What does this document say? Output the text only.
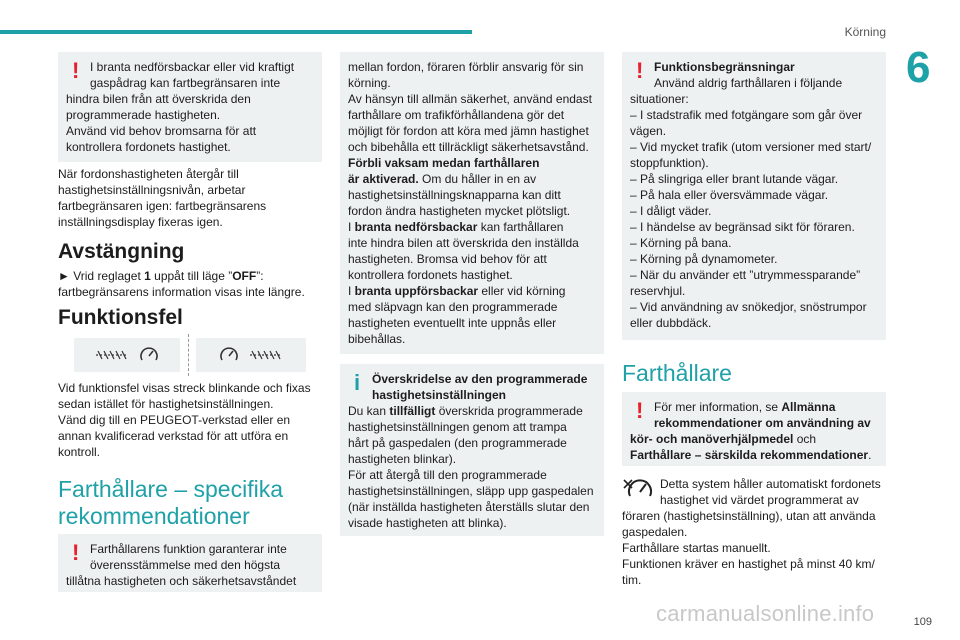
Körning
6
! I branta nedförsbackar eller vid kraftigt
gaspådrag kan fartbegränsaren inte
hindra bilen från att överskrida den
programmerade hastigheten.
Använd vid behov bromsarna för att
kontrollera fordonets hastighet.
När fordonshastigheten återgår till
hastighetsinställningsnivån, arbetar
fartbegränsaren igen: fartbegränsarens
inställningsdisplay fixeras igen.
Avstängning
► Vrid reglaget 1 uppåt till läge ”OFF”:
fartbegränsarens information visas inte längre.
Funktionsfel
Vid funktionsfel visas streck blinkande och fixas
sedan istället för hastighetsinställningen.
Vänd dig till en PEUGEOT-verkstad eller en
annan kvalificerad verkstad för att utföra en
kontroll.
Farthållare – specifika
rekommendationer
! Farthållarens funktion garanterar inte
överensstämmelse med den högsta
tillåtna hastigheten och säkerhetsavståndet
mellan fordon, föraren förblir ansvarig för sin
körning.
Av hänsyn till allmän säkerhet, använd endast
farthållare om trafikförhållandena gör det
möjligt för fordon att köra med jämn hastighet
och bibehålla ett tillräckligt säkerhetsavstånd.
Förbli vaksam medan farthållaren
är aktiverad. Om du håller in en av
hastighetsinställningsknapparna kan ditt
fordon ändra hastigheten mycket plötsligt.
I branta nedförsbackar kan farthållaren
inte hindra bilen att överskrida den inställda
hastigheten. Bromsa vid behov för att
kontrollera fordonets hastighet.
I branta uppförsbackar eller vid körning
med släpvagn kan den programmerade
hastigheten eventuellt inte uppnås eller
bibehållas.
i Överskridelse av den programmerade
hastighetsinställningen
Du kan tillfälligt överskrida programmerade
hastighetsinställningen genom att trampa
hårt på gaspedalen (den programmerade
hastigheten blinkar).
För att återgå till den programmerade
hastighetsinställningen, släpp upp gaspedalen
(när inställda hastigheten återställs slutar den
visade hastigheten att blinka).
! Funktionsbegränsningar
Använd aldrig farthållaren i följande
situationer:
– I stadstrafik med fotgängare som går över
vägen.
– Vid mycket trafik (utom versioner med start/
stoppfunktion).
– På slingriga eller brant lutande vägar.
– På hala eller översvämmade vägar.
– I dåligt väder.
– I händelse av begränsad sikt för föraren.
– Körning på bana.
– Körning på dynamometer.
– När du använder ett ”utrymmessparande”
reservhjul.
– Vid användning av snökedjor, snöstrumpor
eller dubbdäck.
Farthållare
! För mer information, se Allmänna
rekommendationer om användning av
kör- och manöverhjälpmedel och
Farthållare – särskilda rekommendationer.
Detta system håller automatiskt fordonets
hastighet vid värdet programmerat av
föraren (hastighetsinställning), utan att använda
gaspedalen.
Farthållare startas manuellt.
Funktionen kräver en hastighet på minst 40 km/
tim.
carmanualsonline.info	109
